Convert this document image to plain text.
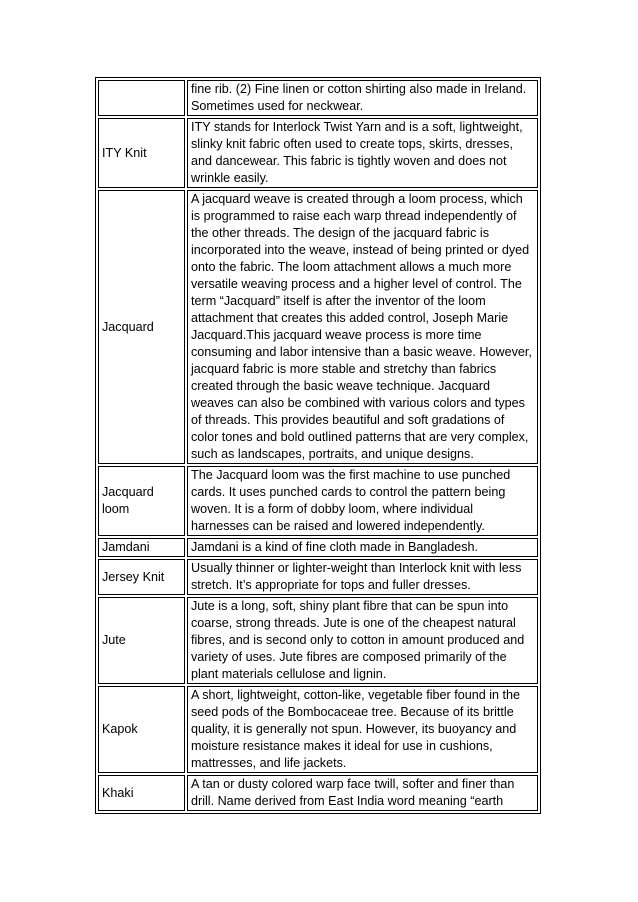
fine rib. (2) Fine linen or cotton shirting also made in Ireland. Sometimes used for neckwear.
ITY Knit
ITY stands for Interlock Twist Yarn and is a soft, lightweight, slinky knit fabric often used to create tops, skirts, dresses, and dancewear. This fabric is tightly woven and does not wrinkle easily.
Jacquard
A jacquard weave is created through a loom process, which is programmed to raise each warp thread independently of the other threads. The design of the jacquard fabric is incorporated into the weave, instead of being printed or dyed onto the fabric. The loom attachment allows a much more versatile weaving process and a higher level of control. The term “Jacquard” itself is after the inventor of the loom attachment that creates this added control, Joseph Marie Jacquard.This jacquard weave process is more time consuming and labor intensive than a basic weave. However, jacquard fabric is more stable and stretchy than fabrics created through the basic weave technique. Jacquard weaves can also be combined with various colors and types of threads. This provides beautiful and soft gradations of color tones and bold outlined patterns that are very complex, such as landscapes, portraits, and unique designs.
Jacquard loom
The Jacquard loom was the first machine to use punched cards. It uses punched cards to control the pattern being woven. It is a form of dobby loom, where individual harnesses can be raised and lowered independently.
Jamdani	Jamdani is a kind of fine cloth made in Bangladesh.
Jersey Knit
Usually thinner or lighter-weight than Interlock knit with less stretch. It’s appropriate for tops and fuller dresses.
Jute
Jute is a long, soft, shiny plant fibre that can be spun into coarse, strong threads. Jute is one of the cheapest natural fibres, and is second only to cotton in amount produced and variety of uses. Jute fibres are composed primarily of the plant materials cellulose and lignin.
Kapok
A short, lightweight, cotton-like, vegetable fiber found in the seed pods of the Bombocaceae tree. Because of its brittle quality, it is generally not spun. However, its buoyancy and moisture resistance makes it ideal for use in cushions, mattresses, and life jackets.
Khaki
A tan or dusty colored warp face twill, softer and finer than drill. Name derived from East India word meaning “earth
